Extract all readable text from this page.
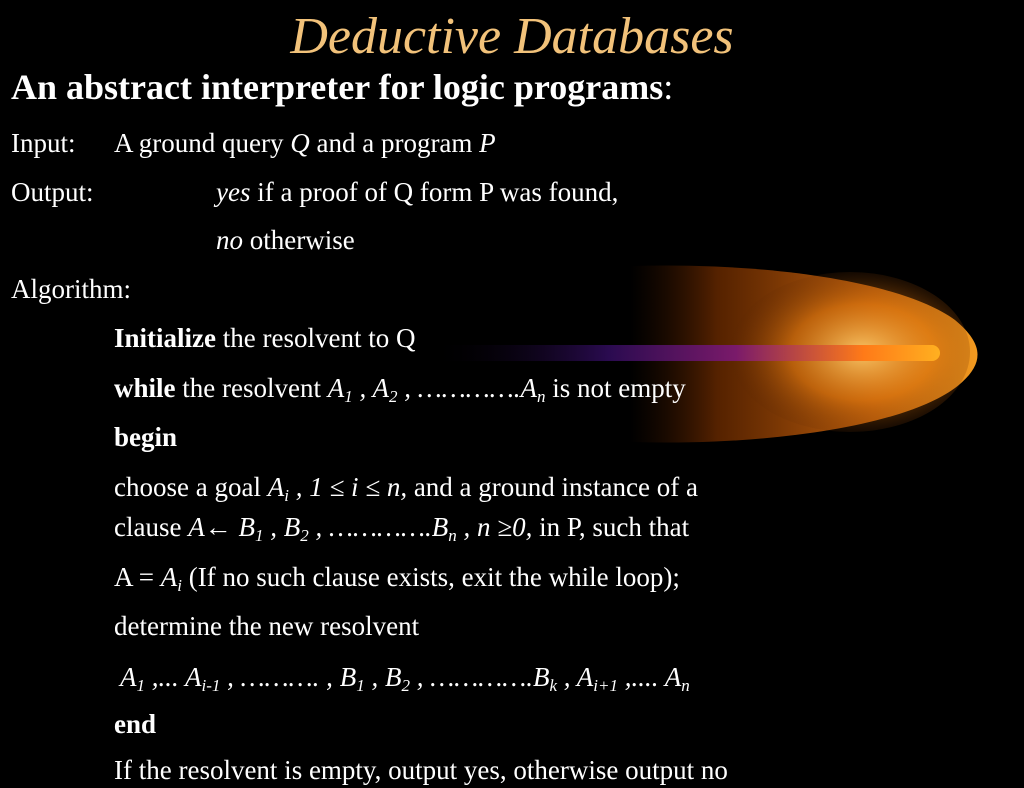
Deductive Databases
An abstract interpreter for logic programs:
Input: A ground query Q and a program P
Output:	yes if a proof of Q form P was found,
no otherwise
Algorithm:
Initialize the resolvent to Q
while the resolvent $A_1$ , $A_2$ , $\dots\dots\dots\dots.A_n$ is not empty
begin
choose a goal $A_i$ , 1 ≤ i ≤ n, and a ground instance of a
clause A← $B_1$ , $B_2$ , $\dots\dots\dots\dots.B_n$ , n ≥0, in P, such that
$A = A_i$ (If no such clause exists, exit the while loop);
determine the new resolvent
$A_1$ ,... $A_{i-1}$ , ………. , $B_1$ , $B_2$ , $\dots\dots\dots\dots.B_k$ , $A_{i+1}$ ,.... $A_n$
end
If the resolvent is empty, output yes, otherwise output no
